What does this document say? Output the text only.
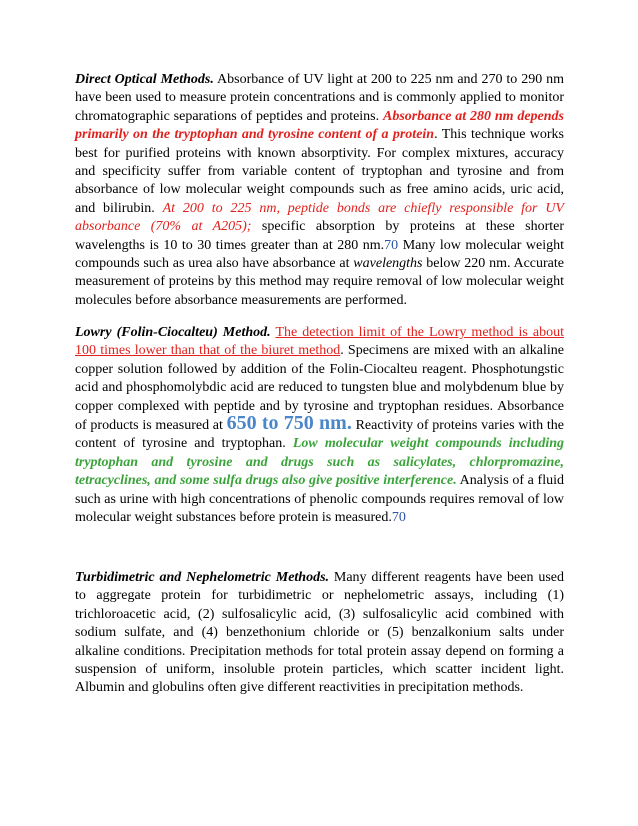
Direct Optical Methods. Absorbance of UV light at 200 to 225 nm and 270 to 290 nm have been used to measure protein concentrations and is commonly applied to monitor chromatographic separations of peptides and proteins. Absorbance at 280 nm depends primarily on the tryptophan and tyrosine content of a protein. This technique works best for purified proteins with known absorptivity. For complex mixtures, accuracy and specificity suffer from variable content of tryptophan and tyrosine and from absorbance of low molecular weight compounds such as free amino acids, uric acid, and bilirubin. At 200 to 225 nm, peptide bonds are chiefly responsible for UV absorbance (70% at A205); specific absorption by proteins at these shorter wavelengths is 10 to 30 times greater than at 280 nm.70 Many low molecular weight compounds such as urea also have absorbance at wavelengths below 220 nm. Accurate measurement of proteins by this method may require removal of low molecular weight molecules before absorbance measurements are performed.

Lowry (Folin-Ciocalteu) Method. The detection limit of the Lowry method is about 100 times lower than that of the biuret method. Specimens are mixed with an alkaline copper solution followed by addition of the Folin-Ciocalteu reagent. Phosphotungstic acid and phosphomolybdic acid are reduced to tungsten blue and molybdenum blue by copper complexed with peptide and by tyrosine and tryptophan residues. Absorbance of products is measured at 650 to 750 nm. Reactivity of proteins varies with the content of tyrosine and tryptophan. Low molecular weight compounds including tryptophan and tyrosine and drugs such as salicylates, chlorpromazine, tetracyclines, and some sulfa drugs also give positive interference. Analysis of a fluid such as urine with high concentrations of phenolic compounds requires removal of low molecular weight substances before protein is measured.70

Turbidimetric and Nephelometric Methods. Many different reagents have been used to aggregate protein for turbidimetric or nephelometric assays, including (1) trichloroacetic acid, (2) sulfosalicylic acid, (3) sulfosalicylic acid combined with sodium sulfate, and (4) benzethonium chloride or (5) benzalkonium salts under alkaline conditions. Precipitation methods for total protein assay depend on forming a suspension of uniform, insoluble protein particles, which scatter incident light. Albumin and globulins often give different reactivities in precipitation methods.
